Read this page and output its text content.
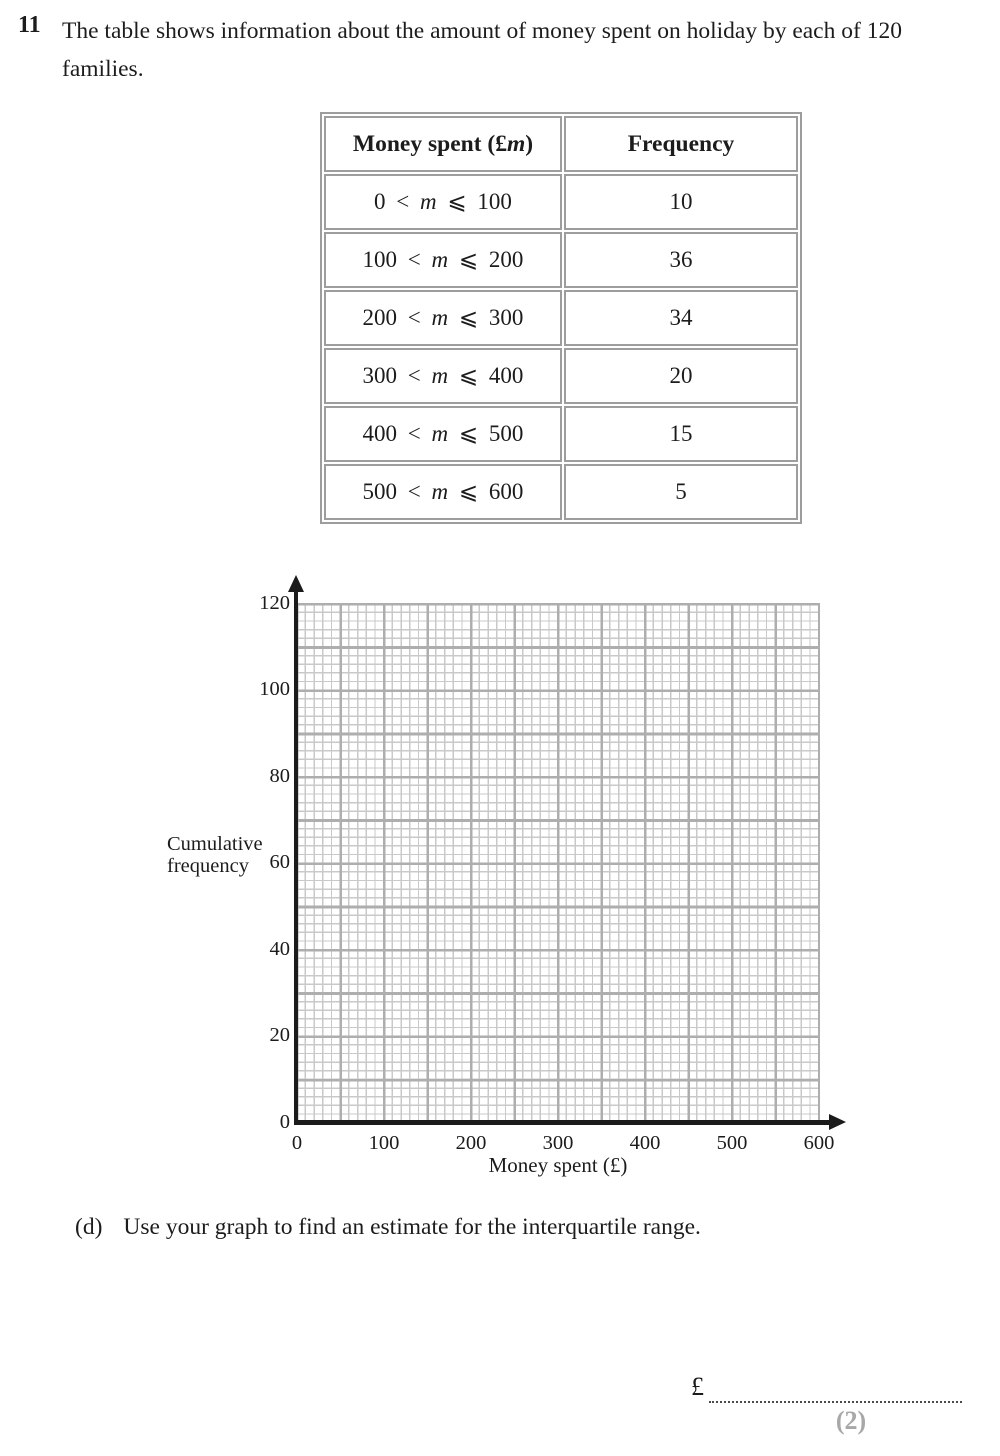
11 The table shows information about the amount of money spent on holiday by each of 120
families.
Money spent (£m)	Frequency
0 < m ⩽ 100	10
100 < m ⩽ 200	36
200 < m ⩽ 300	34
300 < m ⩽ 400	20
400 < m ⩽ 500	15
500 < m ⩽ 600	5
120
100
80
60
40
20
0
0	100	200	300	400	500	600
Cumulative
frequency
Money spent (£)
(d) Use your graph to find an estimate for the interquartile range.
£
(2)
